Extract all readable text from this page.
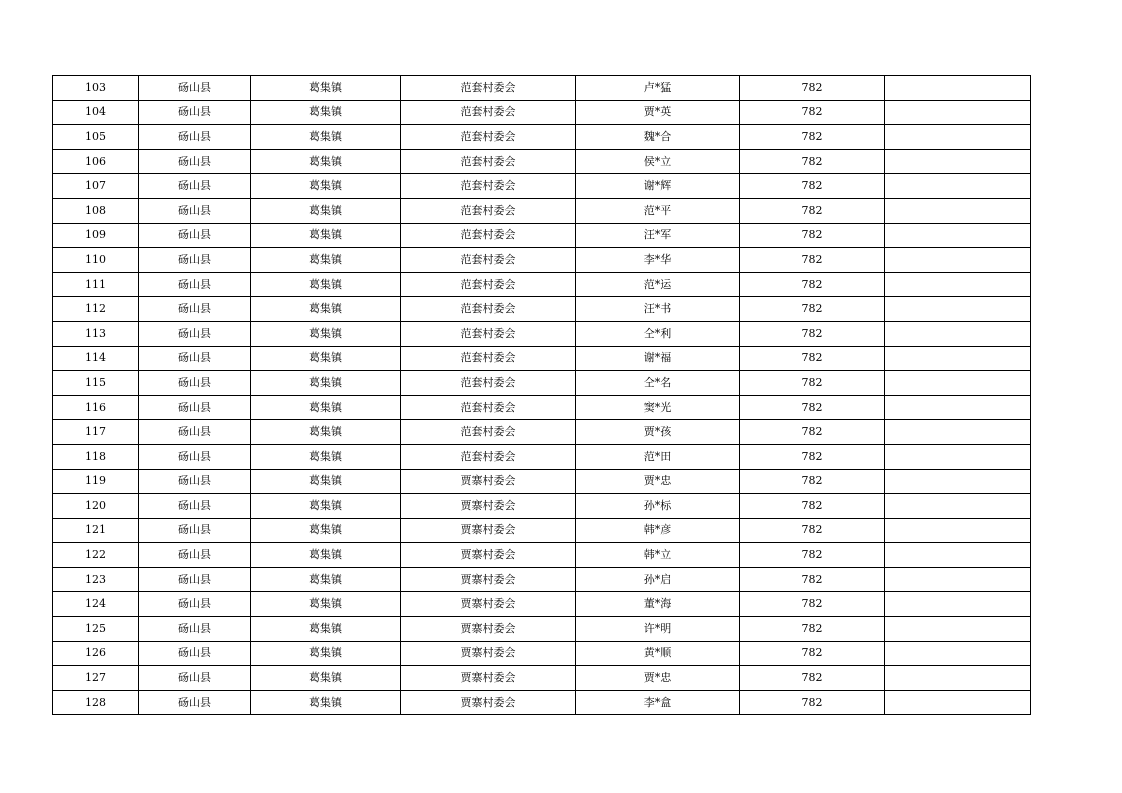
103	砀山县	葛集镇	范套村委会	卢*猛	782	
104	砀山县	葛集镇	范套村委会	贾*英	782	
105	砀山县	葛集镇	范套村委会	魏*合	782	
106	砀山县	葛集镇	范套村委会	侯*立	782	
107	砀山县	葛集镇	范套村委会	谢*辉	782	
108	砀山县	葛集镇	范套村委会	范*平	782	
109	砀山县	葛集镇	范套村委会	汪*军	782	
110	砀山县	葛集镇	范套村委会	李*华	782	
111	砀山县	葛集镇	范套村委会	范*运	782	
112	砀山县	葛集镇	范套村委会	汪*书	782	
113	砀山县	葛集镇	范套村委会	仝*利	782	
114	砀山县	葛集镇	范套村委会	谢*福	782	
115	砀山县	葛集镇	范套村委会	仝*名	782	
116	砀山县	葛集镇	范套村委会	窦*光	782	
117	砀山县	葛集镇	范套村委会	贾*孩	782	
118	砀山县	葛集镇	范套村委会	范*田	782	
119	砀山县	葛集镇	贾寨村委会	贾*忠	782	
120	砀山县	葛集镇	贾寨村委会	孙*标	782	
121	砀山县	葛集镇	贾寨村委会	韩*彦	782	
122	砀山县	葛集镇	贾寨村委会	韩*立	782	
123	砀山县	葛集镇	贾寨村委会	孙*启	782	
124	砀山县	葛集镇	贾寨村委会	董*海	782	
125	砀山县	葛集镇	贾寨村委会	许*明	782	
126	砀山县	葛集镇	贾寨村委会	黄*顺	782	
127	砀山县	葛集镇	贾寨村委会	贾*忠	782	
128	砀山县	葛集镇	贾寨村委会	李*盒	782	
